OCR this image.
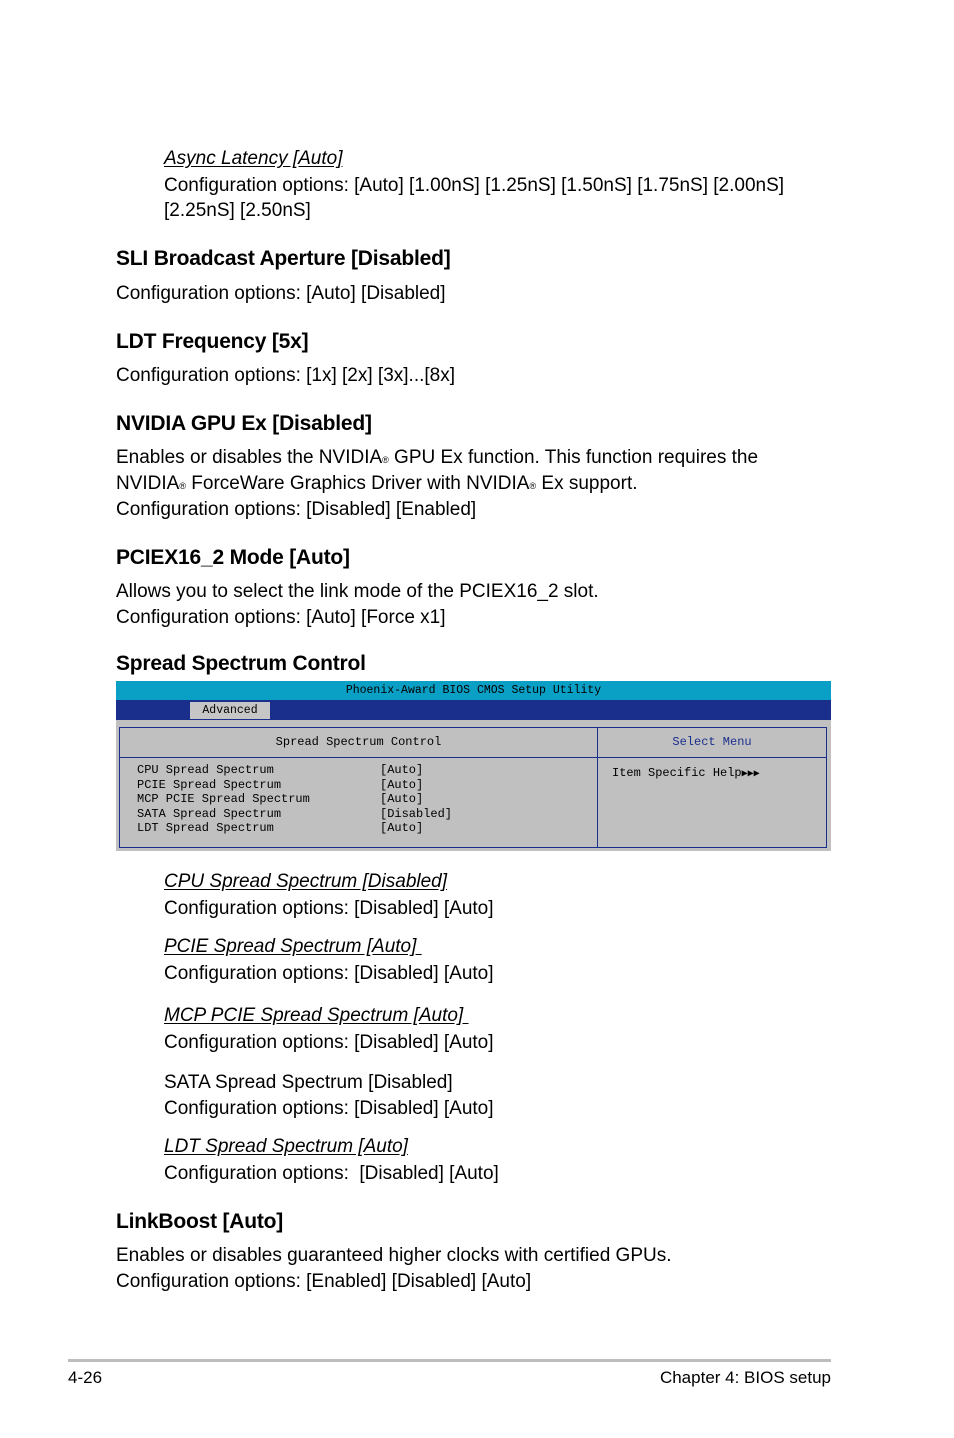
Async Latency [Auto]
Configuration options: [Auto] [1.00nS] [1.25nS] [1.50nS] [1.75nS] [2.00nS]
[2.25nS] [2.50nS]
SLI Broadcast Aperture [Disabled]
Configuration options: [Auto] [Disabled]
LDT Frequency [5x]
Configuration options: [1x] [2x] [3x]...[8x]
NVIDIA GPU Ex [Disabled]
Enables or disables the NVIDIA® GPU Ex function. This function requires the
NVIDIA® ForceWare Graphics Driver with NVIDIA® Ex support.
Configuration options: [Disabled] [Enabled]
PCIEX16_2 Mode [Auto]
Allows you to select the link mode of the PCIEX16_2 slot.
Configuration options: [Auto] [Force x1]
Spread Spectrum Control
Phoenix-Award BIOS CMOS Setup Utility
Advanced
Spread Spectrum Control	Select Menu
CPU Spread Spectrum	[Auto]
PCIE Spread Spectrum	[Auto]
MCP PCIE Spread Spectrum	[Auto]
SATA Spread Spectrum	[Disabled]
LDT Spread Spectrum	[Auto]
Item Specific Help▶▶▶
CPU Spread Spectrum [Disabled]
Configuration options: [Disabled] [Auto]
PCIE Spread Spectrum [Auto]
Configuration options: [Disabled] [Auto]
MCP PCIE Spread Spectrum [Auto]
Configuration options: [Disabled] [Auto]
SATA Spread Spectrum [Disabled]
Configuration options: [Disabled] [Auto]
LDT Spread Spectrum [Auto]
Configuration options:  [Disabled] [Auto]
LinkBoost [Auto]
Enables or disables guaranteed higher clocks with certified GPUs.
Configuration options: [Enabled] [Disabled] [Auto]
4-26	Chapter 4: BIOS setup
